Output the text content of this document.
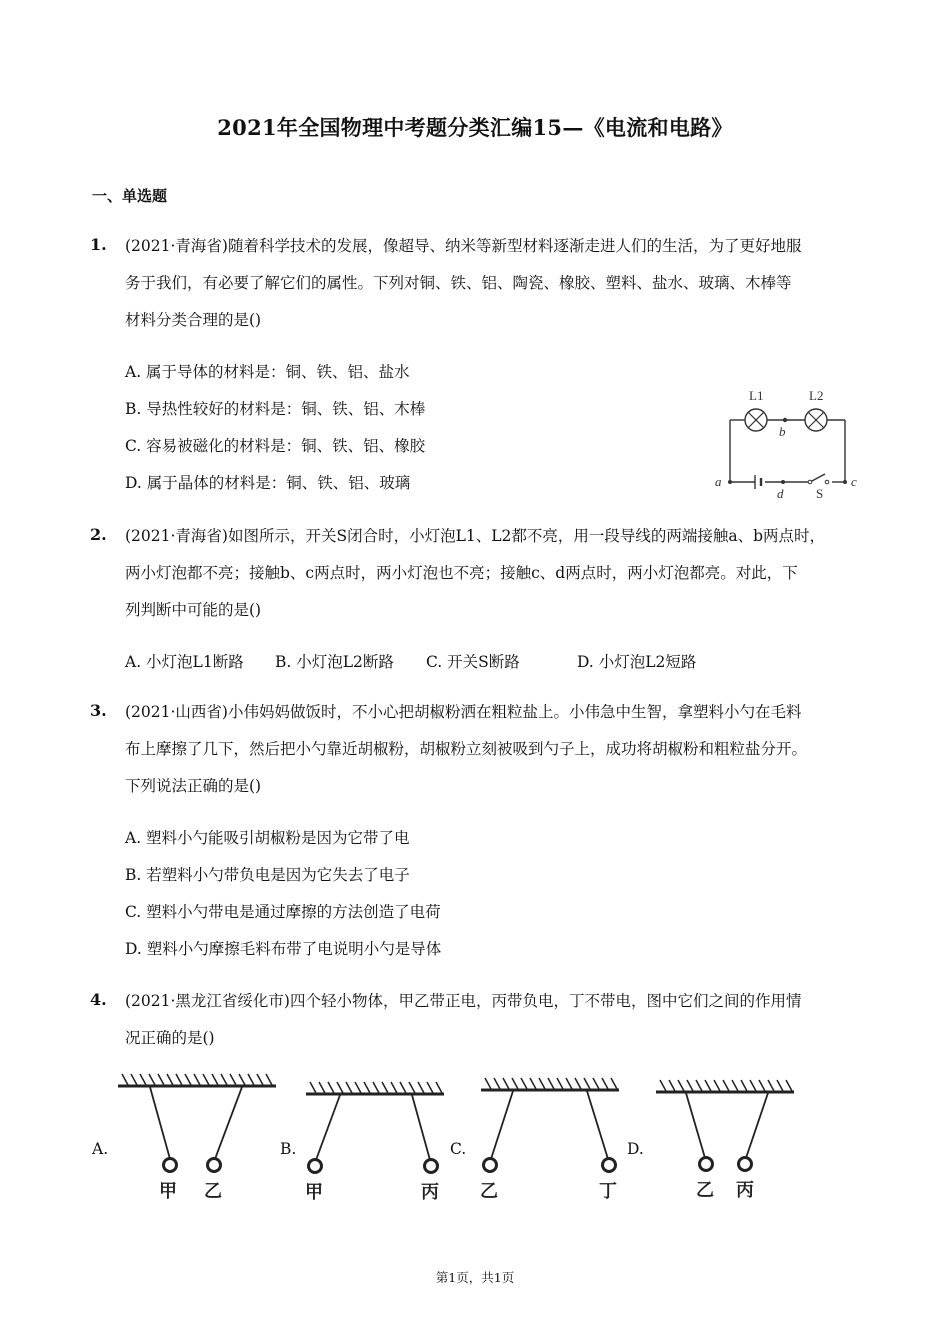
2021年全国物理中考题分类汇编15—《电流和电路》
一、单选题
1. (2021·青海省)随着科学技术的发展，像超导、纳米等新型材料逐渐走进人们的生活，为了更好地服
务于我们，有必要了解它们的属性。下列对铜、铁、铝、陶瓷、橡胶、塑料、盐水、玻璃、木棒等
材料分类合理的是()
A. 属于导体的材料是：铜、铁、铝、盐水
B. 导热性较好的材料是：铜、铁、铝、木棒
C. 容易被磁化的材料是：铜、铁、铝、橡胶
D. 属于晶体的材料是：铜、铁、铝、玻璃
L1	L2
b
a	c
d	S
2. (2021·青海省)如图所示，开关S闭合时，小灯泡L1、L2都不亮，用一段导线的两端接触a、b两点时，
两小灯泡都不亮；接触b、c两点时，两小灯泡也不亮；接触c、d两点时，两小灯泡都亮。对此，下
列判断中可能的是()
A. 小灯泡L1断路 B. 小灯泡L2断路 C. 开关S断路	D. 小灯泡L2短路
3. (2021·山西省)小伟妈妈做饭时，不小心把胡椒粉洒在粗粒盐上。小伟急中生智，拿塑料小勺在毛料
布上摩擦了几下，然后把小勺靠近胡椒粉，胡椒粉立刻被吸到勺子上，成功将胡椒粉和粗粒盐分开。
下列说法正确的是()
A. 塑料小勺能吸引胡椒粉是因为它带了电
B. 若塑料小勺带负电是因为它失去了电子
C. 塑料小勺带电是通过摩擦的方法创造了电荷
D. 塑料小勺摩擦毛料布带了电说明小勺是导体
4. (2021·黑龙江省绥化市)四个轻小物体，甲乙带正电，丙带负电，丁不带电，图中它们之间的作用情
况正确的是()
A.	B.	C.	D.
甲 乙	甲	丙 乙	丁	乙 丙
第1页，共1页
